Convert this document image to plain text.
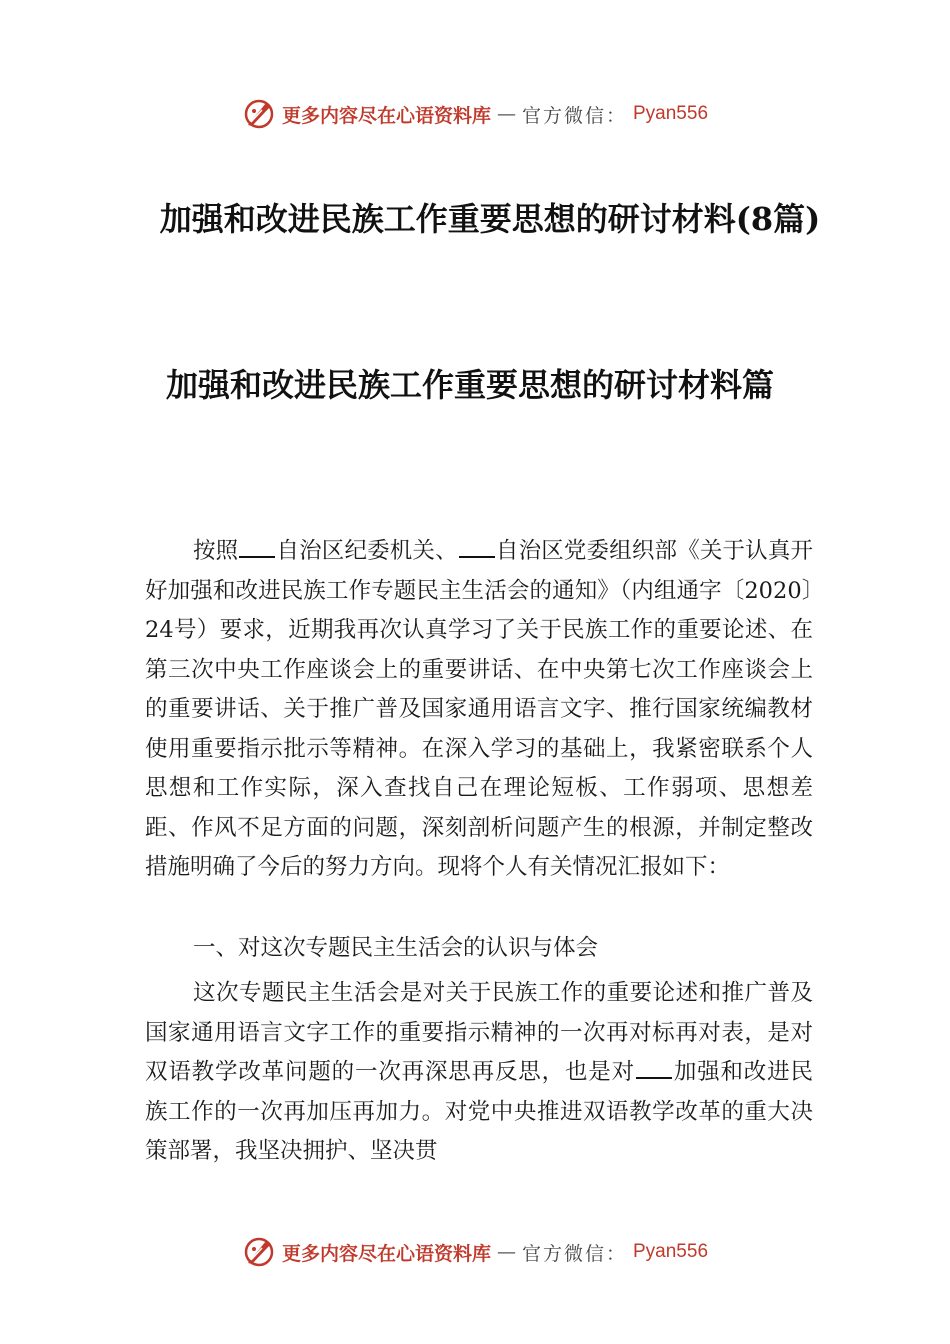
更多内容尽在心语资料库 — 官方微信： Pyan556
加强和改进民族工作重要思想的研讨材料(8篇)
加强和改进民族工作重要思想的研讨材料篇
按照 自治区纪委机关、 自治区党委组织部《关于认真开好加强和改进民族工作专题民主生活会的通知》（内组通字〔2020〕24号）要求，近期我再次认真学习了关于民族工作的重要论述、在第三次中央工作座谈会上的重要讲话、在中央第七次工作座谈会上的重要讲话、关于推广普及国家通用语言文字、推行国家统编教材使用重要指示批示等精神。在深入学习的基础上，我紧密联系个人思想和工作实际，深入查找自己在理论短板、工作弱项、思想差距、作风不足方面的问题，深刻剖析问题产生的根源，并制定整改措施明确了今后的努力方向。现将个人有关情况汇报如下：
一、对这次专题民主生活会的认识与体会
这次专题民主生活会是对关于民族工作的重要论述和推广普及国家通用语言文字工作的重要指示精神的一次再对标再对表，是对双语教学改革问题的一次再深思再反思，也是对 加强和改进民族工作的一次再加压再加力。对党中央推进双语教学改革的重大决策部署，我坚决拥护、坚决贯
更多内容尽在心语资料库 — 官方微信： Pyan556
